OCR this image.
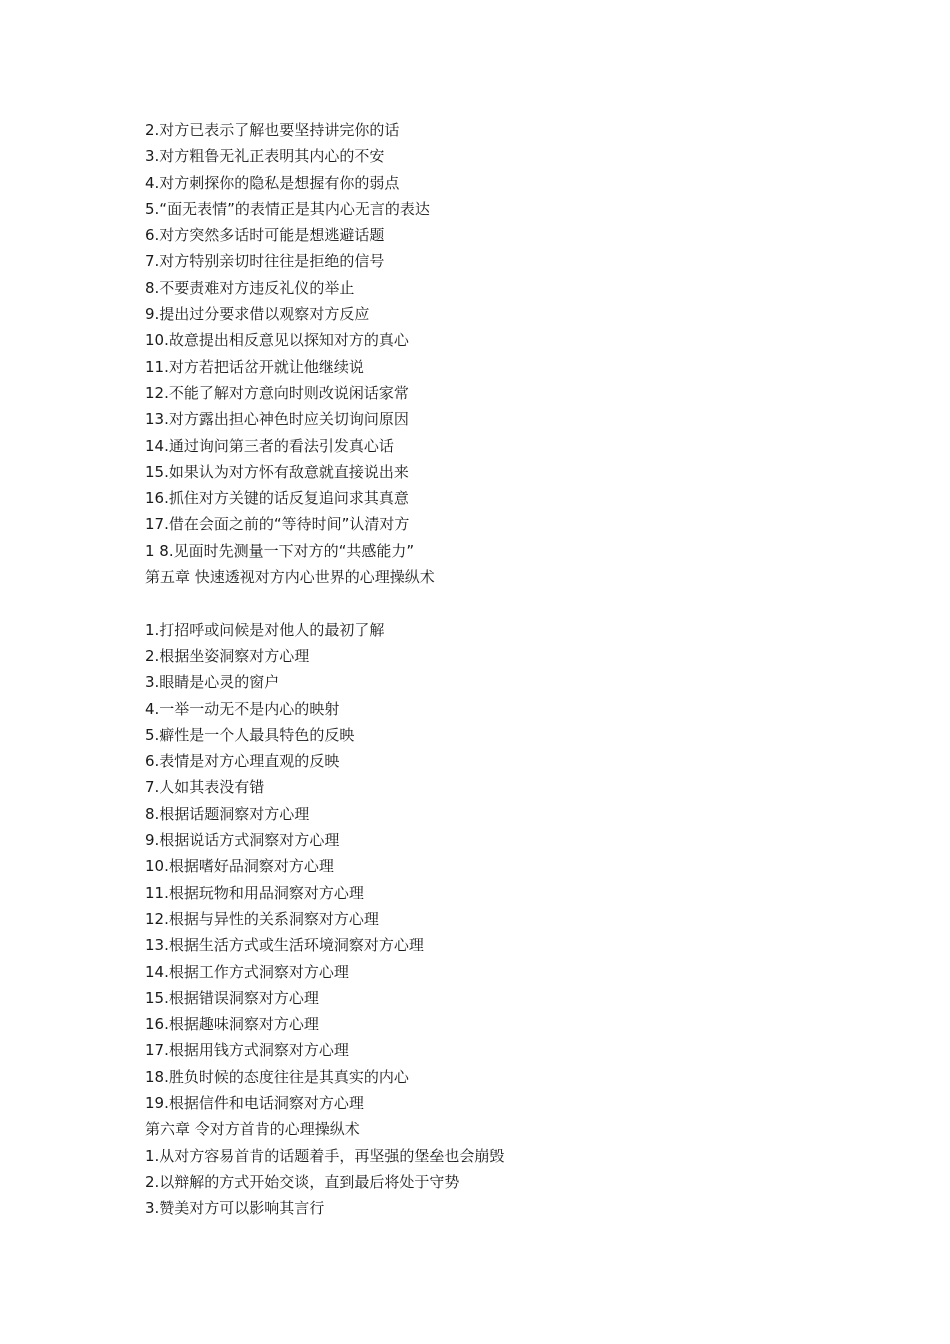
2.对方已表示了解也要坚持讲完你的话
3.对方粗鲁无礼正表明其内心的不安
4.对方刺探你的隐私是想握有你的弱点
5.“面无表情”的表情正是其内心无言的表达
6.对方突然多话时可能是想逃避话题
7.对方特别亲切时往往是拒绝的信号
8.不要责难对方违反礼仪的举止
9.提出过分要求借以观察对方反应
10.故意提出相反意见以探知对方的真心
11.对方若把话岔开就让他继续说
12.不能了解对方意向时则改说闲话家常
13.对方露出担心神色时应关切询问原因
14.通过询问第三者的看法引发真心话
15.如果认为对方怀有敌意就直接说出来
16.抓住对方关键的话反复追问求其真意
17.借在会面之前的“等待时间”认清对方
1 8.见面时先测量一下对方的“共感能力”
第五章 快速透视对方内心世界的心理操纵术
1.打招呼或问候是对他人的最初了解
2.根据坐姿洞察对方心理
3.眼睛是心灵的窗户
4.一举一动无不是内心的映射
5.癖性是一个人最具特色的反映
6.表情是对方心理直观的反映
7.人如其表没有错
8.根据话题洞察对方心理
9.根据说话方式洞察对方心理
10.根据嗜好品洞察对方心理
11.根据玩物和用品洞察对方心理
12.根据与异性的关系洞察对方心理
13.根据生活方式或生活环境洞察对方心理
14.根据工作方式洞察对方心理
15.根据错误洞察对方心理
16.根据趣味洞察对方心理
17.根据用钱方式洞察对方心理
18.胜负时候的态度往往是其真实的内心
19.根据信件和电话洞察对方心理
第六章 令对方首肯的心理操纵术
1.从对方容易首肯的话题着手，再坚强的堡垒也会崩毁
2.以辩解的方式开始交谈，直到最后将处于守势
3.赞美对方可以影响其言行
